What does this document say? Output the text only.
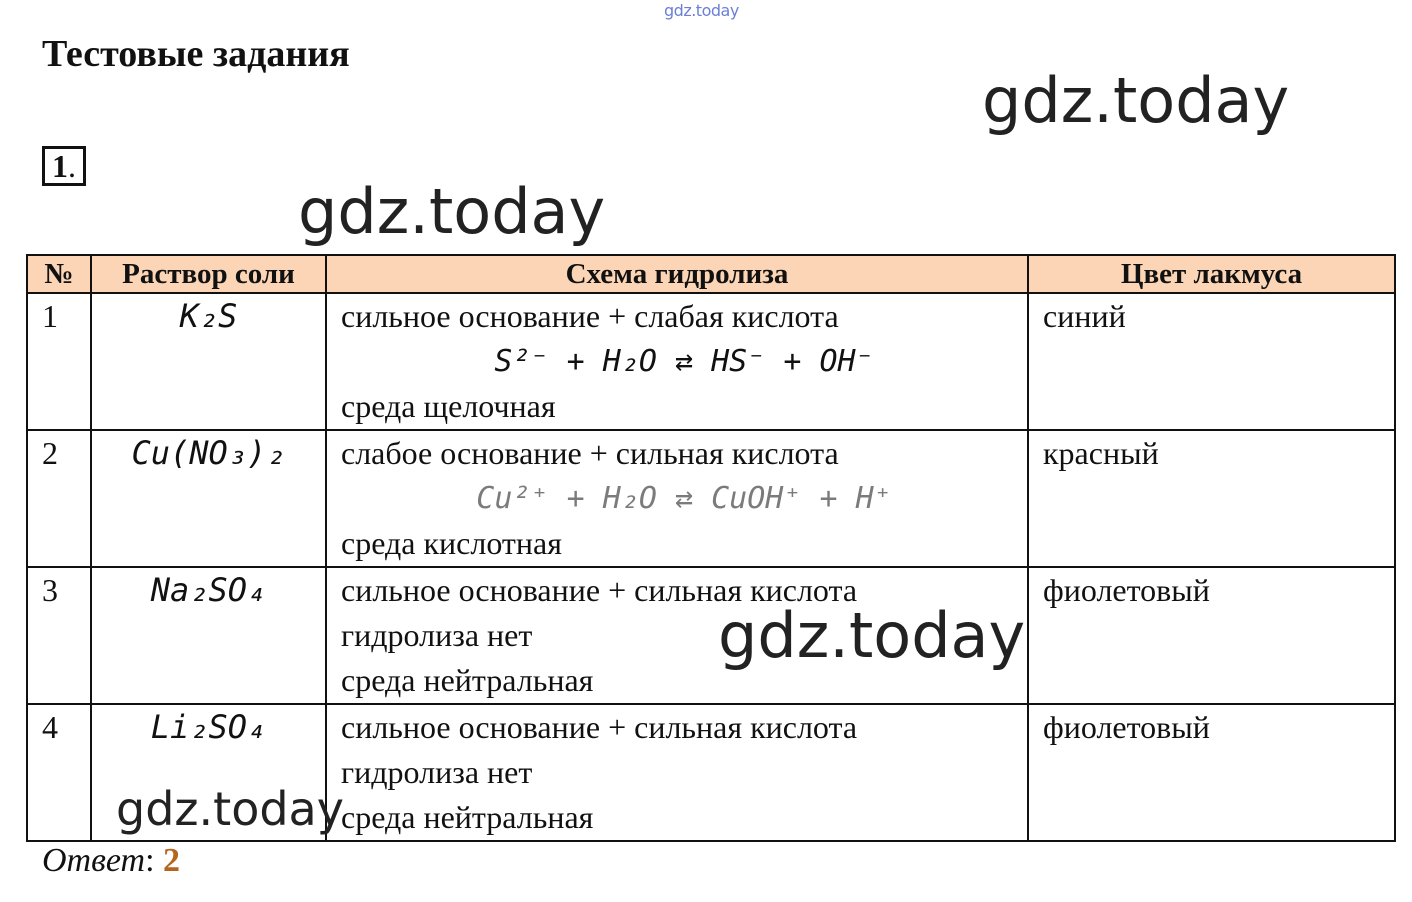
gdz.today
Тестовые задания
1.
№	Раствор соли	Схема гидролиза	Цвет лакмуса
1	K₂S	сильное основание + слабая кислота
S²⁻ + H₂O ⇄ HS⁻ + OH⁻
среда щелочная	синий
2	Cu(NO₃)₂	слабое основание + сильная кислота
Cu²⁺ + H₂O ⇄ CuOH⁺ + H⁺
среда кислотная	красный
3	Na₂SO₄	сильное основание + сильная кислота
гидролиза нет
среда нейтральная	фиолетовый
4	Li₂SO₄	сильное основание + сильная кислота
гидролиза нет
среда нейтральная	фиолетовый
Ответ: 2
gdz.today
gdz.today
gdz.today
gdz.today
